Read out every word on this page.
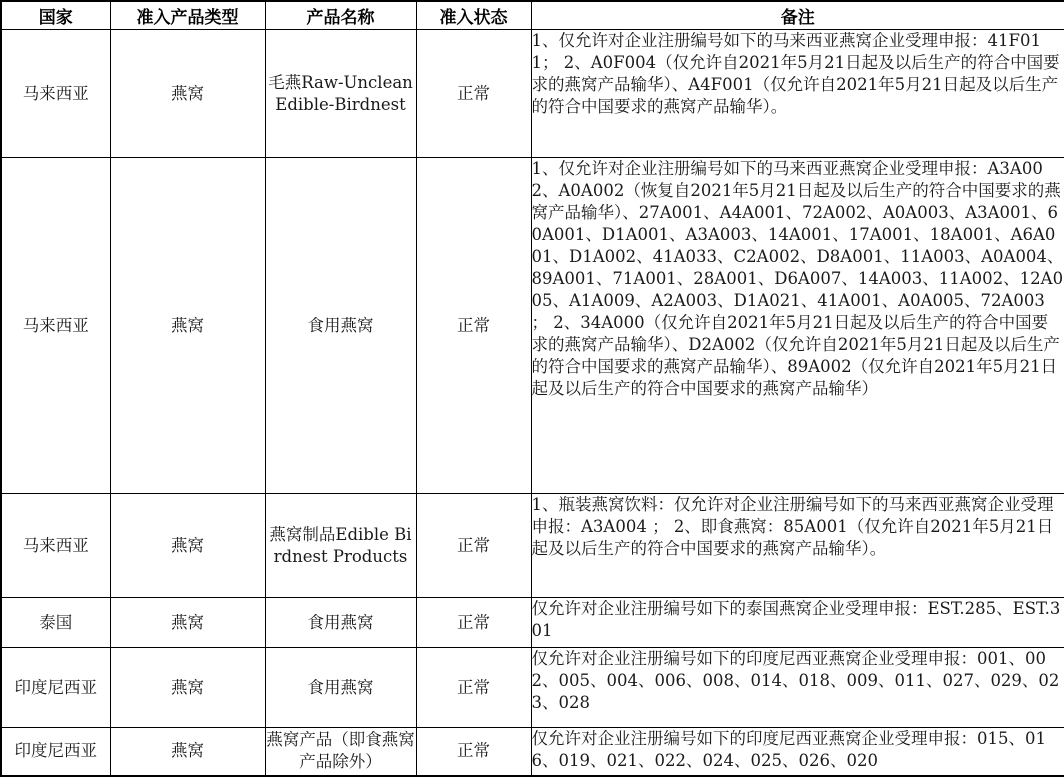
国家	准入产品类型	产品名称	准入状态	备注
马来西亚	燕窝	毛燕Raw-Unclean Edible-Birdnest	正常	1、仅允许对企业注册编号如下的马来西亚燕窝企业受理申报：41F011； 2、A0F004（仅允许自2021年5月21日起及以后生产的符合中国要求的燕窝产品输华）、A4F001（仅允许自2021年5月21日起及以后生产的符合中国要求的燕窝产品输华）。
马来西亚	燕窝	食用燕窝	正常	1、仅允许对企业注册编号如下的马来西亚燕窝企业受理申报：A3A002、A0A002（恢复自2021年5月21日起及以后生产的符合中国要求的燕窝产品输华）、27A001、A4A001、72A002、A0A003、A3A001、60A001、D1A001、A3A003、14A001、17A001、18A001、A6A001、D1A002、41A033、C2A002、D8A001、11A003、A0A004、89A001、71A001、28A001、D6A007、14A003、11A002、12A005、A1A009、A2A003、D1A021、41A001、A0A005、72A003 ； 2、34A000（仅允许自2021年5月21日起及以后生产的符合中国要求的燕窝产品输华）、D2A002（仅允许自2021年5月21日起及以后生产的符合中国要求的燕窝产品输华）、89A002（仅允许自2021年5月21日起及以后生产的符合中国要求的燕窝产品输华）
马来西亚	燕窝	燕窝制品Edible Birdnest Products	正常	1、瓶装燕窝饮料：仅允许对企业注册编号如下的马来西亚燕窝企业受理申报：A3A004 ； 2、即食燕窝：85A001（仅允许自2021年5月21日起及以后生产的符合中国要求的燕窝产品输华）。
泰国	燕窝	食用燕窝	正常	仅允许对企业注册编号如下的泰国燕窝企业受理申报：EST.285、EST.301
印度尼西亚	燕窝	食用燕窝	正常	仅允许对企业注册编号如下的印度尼西亚燕窝企业受理申报：001、002、005、004、006、008、014、018、009、011、027、029、023、028
印度尼西亚	燕窝	燕窝产品（即食燕窝产品除外）	正常	仅允许对企业注册编号如下的印度尼西亚燕窝企业受理申报：015、016、019、021、022、024、025、026、020
